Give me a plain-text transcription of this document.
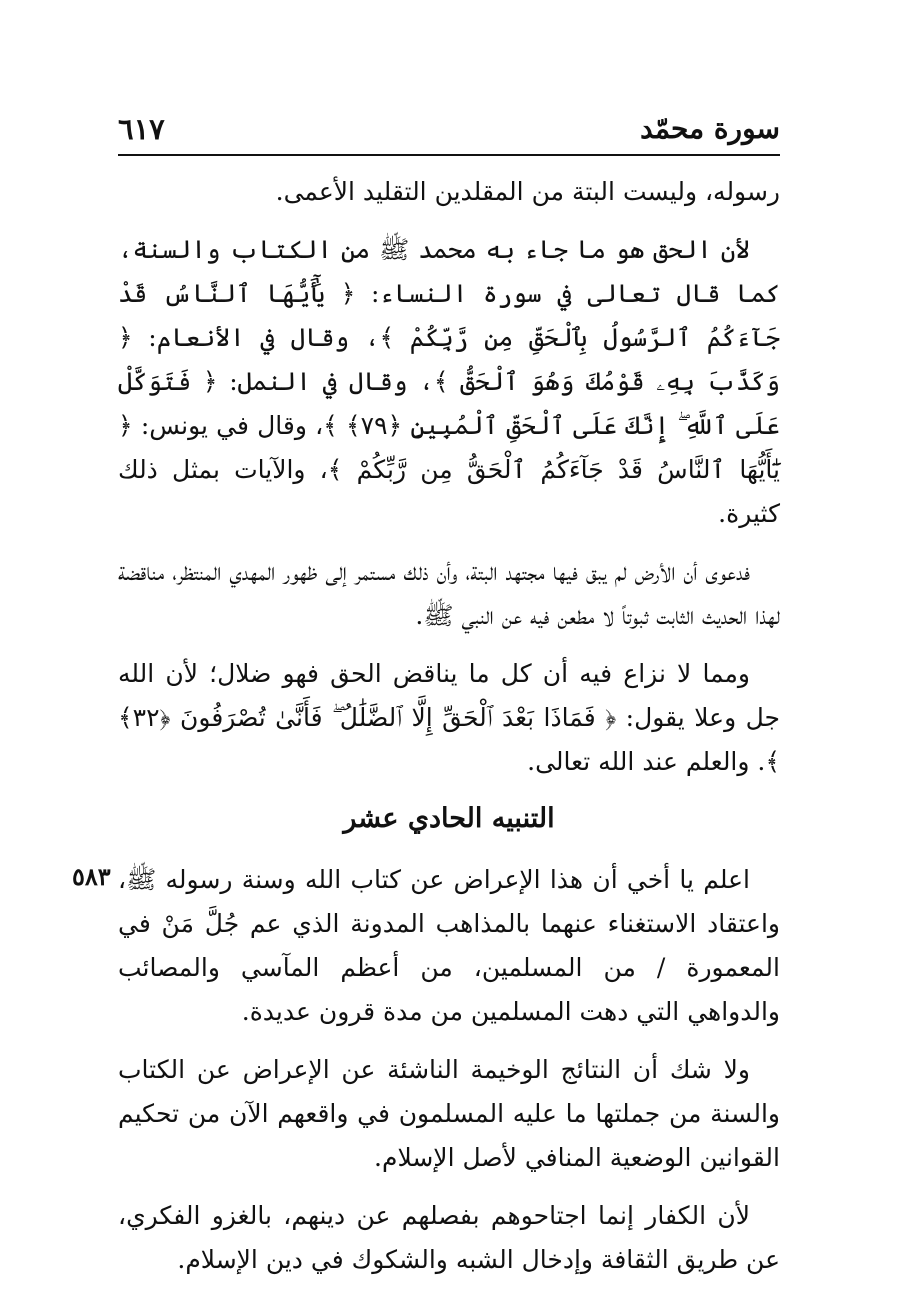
سورة محمّد
٦١٧
٥٨٣

رسوله، وليست البتة من المقلدين التقليد الأعمى.

لأن الحق هو ما جاء به محمد ﷺ من الكتاب والسنة، كما قال تعالى في سورة النساء: ﴿ يَٰٓأَيُّهَا ٱلنَّاسُ قَدْ جَآءَكُمُ ٱلرَّسُولُ بِٱلْحَقِّ مِن رَّبِّكُمْ ﴾، وقال في الأنعام: ﴿ وَكَذَّبَ بِهِۦ قَوْمُكَ وَهُوَ ٱلْحَقُّ ﴾، وقال في النمل: ﴿ فَتَوَكَّلْ عَلَى ٱللَّهِ ۖ إِنَّكَ عَلَى ٱلْحَقِّ ٱلْمُبِينِ ﴿٧٩﴾ ﴾، وقال في يونس: ﴿ يَٰٓأَيُّهَا ٱلنَّاسُ قَدْ جَآءَكُمُ ٱلْحَقُّ مِن رَّبِّكُمْ ﴾، والآيات بمثل ذلك كثيرة.

فدعوى أن الأرض لم يبق فيها مجتهد البتة، وأن ذلك مستمر إلى ظهور المهدي المنتظر، مناقضة لهذا الحديث الثابت ثبوتاً لا مطعن فيه عن النبي ﷺ.

ومما لا نزاع فيه أن كل ما يناقض الحق فهو ضلال؛ لأن الله جل وعلا يقول: ﴿ فَمَاذَا بَعْدَ ٱلْحَقِّ إِلَّا ٱلضَّلَٰلُ ۖ فَأَنَّىٰ تُصْرَفُونَ ﴿٣٢﴾ ﴾. والعلم عند الله تعالى.

التنبيه الحادي عشر

اعلم يا أخي أن هذا الإعراض عن كتاب الله وسنة رسوله ﷺ، واعتقاد الاستغناء عنهما بالمذاهب المدونة الذي عم جُلَّ مَنْ في المعمورة / من المسلمين، من أعظم المآسي والمصائب والدواهي التي دهت المسلمين من مدة قرون عديدة.

ولا شك أن النتائج الوخيمة الناشئة عن الإعراض عن الكتاب والسنة من جملتها ما عليه المسلمون في واقعهم الآن من تحكيم القوانين الوضعية المنافي لأصل الإسلام.

لأن الكفار إنما اجتاحوهم بفصلهم عن دينهم، بالغزو الفكري، عن طريق الثقافة وإدخال الشبه والشكوك في دين الإسلام.
